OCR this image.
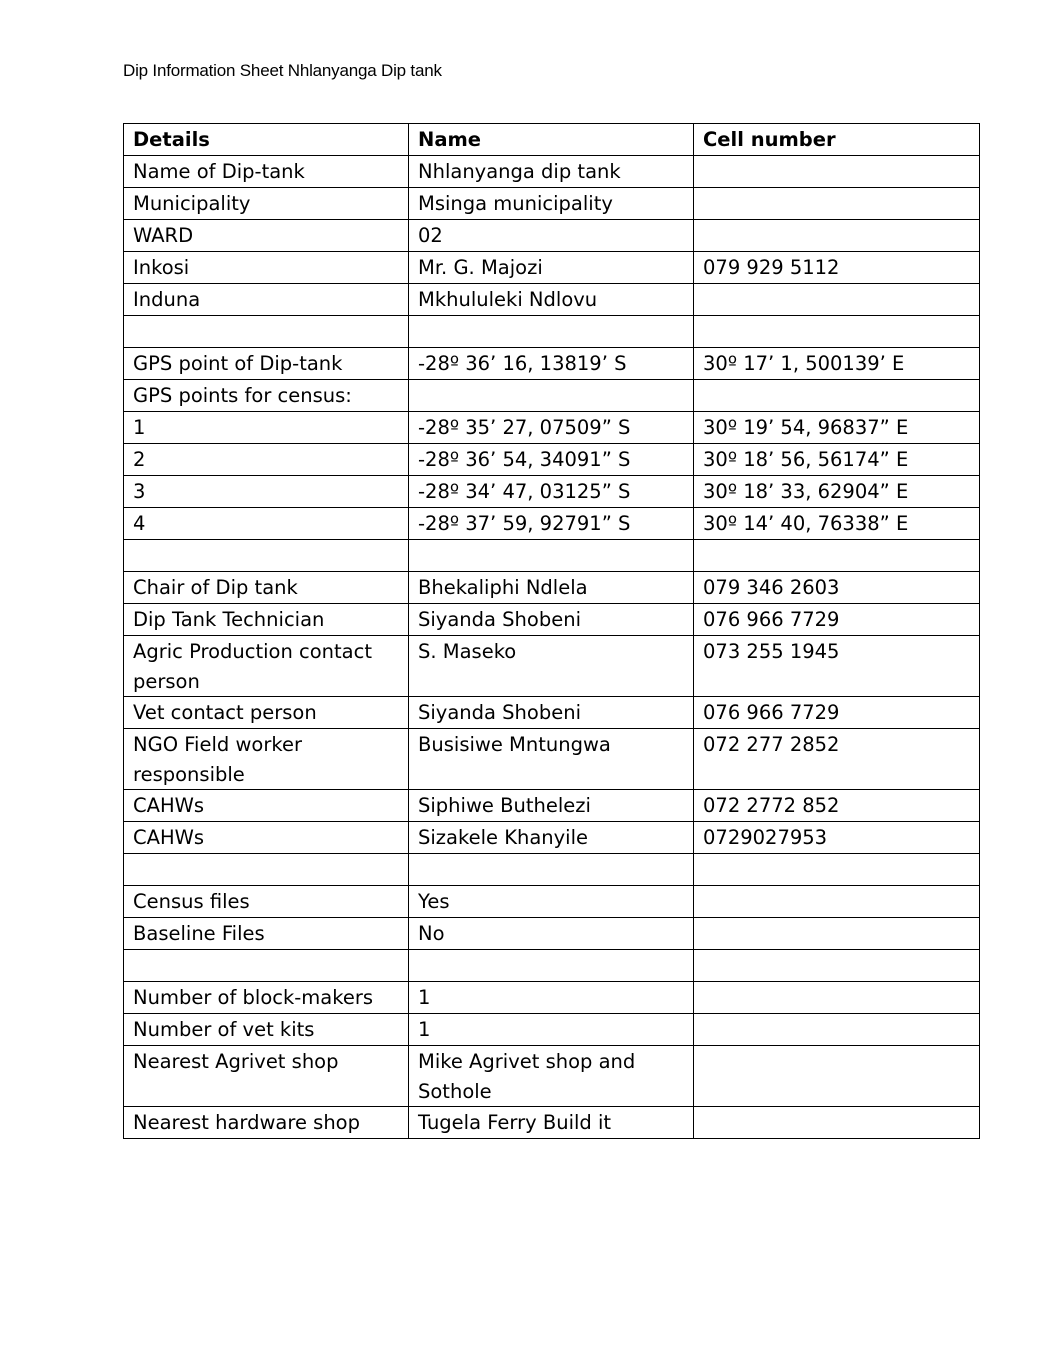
Dip Information Sheet Nhlanyanga Dip tank
Details	Name	Cell number
Name of Dip-tank	Nhlanyanga dip tank	
Municipality	Msinga municipality	
WARD	02	
Inkosi	Mr. G. Majozi	079 929 5112
Induna	Mkhululeki Ndlovu	

GPS point of Dip-tank	-28º 36’ 16, 13819’ S	30º 17’ 1, 500139’ E
GPS points for census:		
1	-28º 35’ 27, 07509” S	30º 19’ 54, 96837” E
2	-28º 36’ 54, 34091” S	30º 18’ 56, 56174” E
3	-28º 34’ 47, 03125” S	30º 18’ 33, 62904” E
4	-28º 37’ 59, 92791” S	30º 14’ 40, 76338” E

Chair of Dip tank	Bhekaliphi Ndlela	079 346 2603
Dip Tank Technician	Siyanda Shobeni	076 966 7729
Agric Production contact person	S. Maseko	073 255 1945
Vet contact person	Siyanda Shobeni	076 966 7729
NGO Field worker responsible	Busisiwe Mntungwa	072 277 2852
CAHWs	Siphiwe Buthelezi	072 2772 852
CAHWs	Sizakele Khanyile	0729027953

Census files	Yes	
Baseline Files	No	

Number of block-makers	1	
Number of vet kits	1	
Nearest Agrivet shop	Mike Agrivet shop and Sothole	
Nearest hardware shop	Tugela Ferry Build it	
